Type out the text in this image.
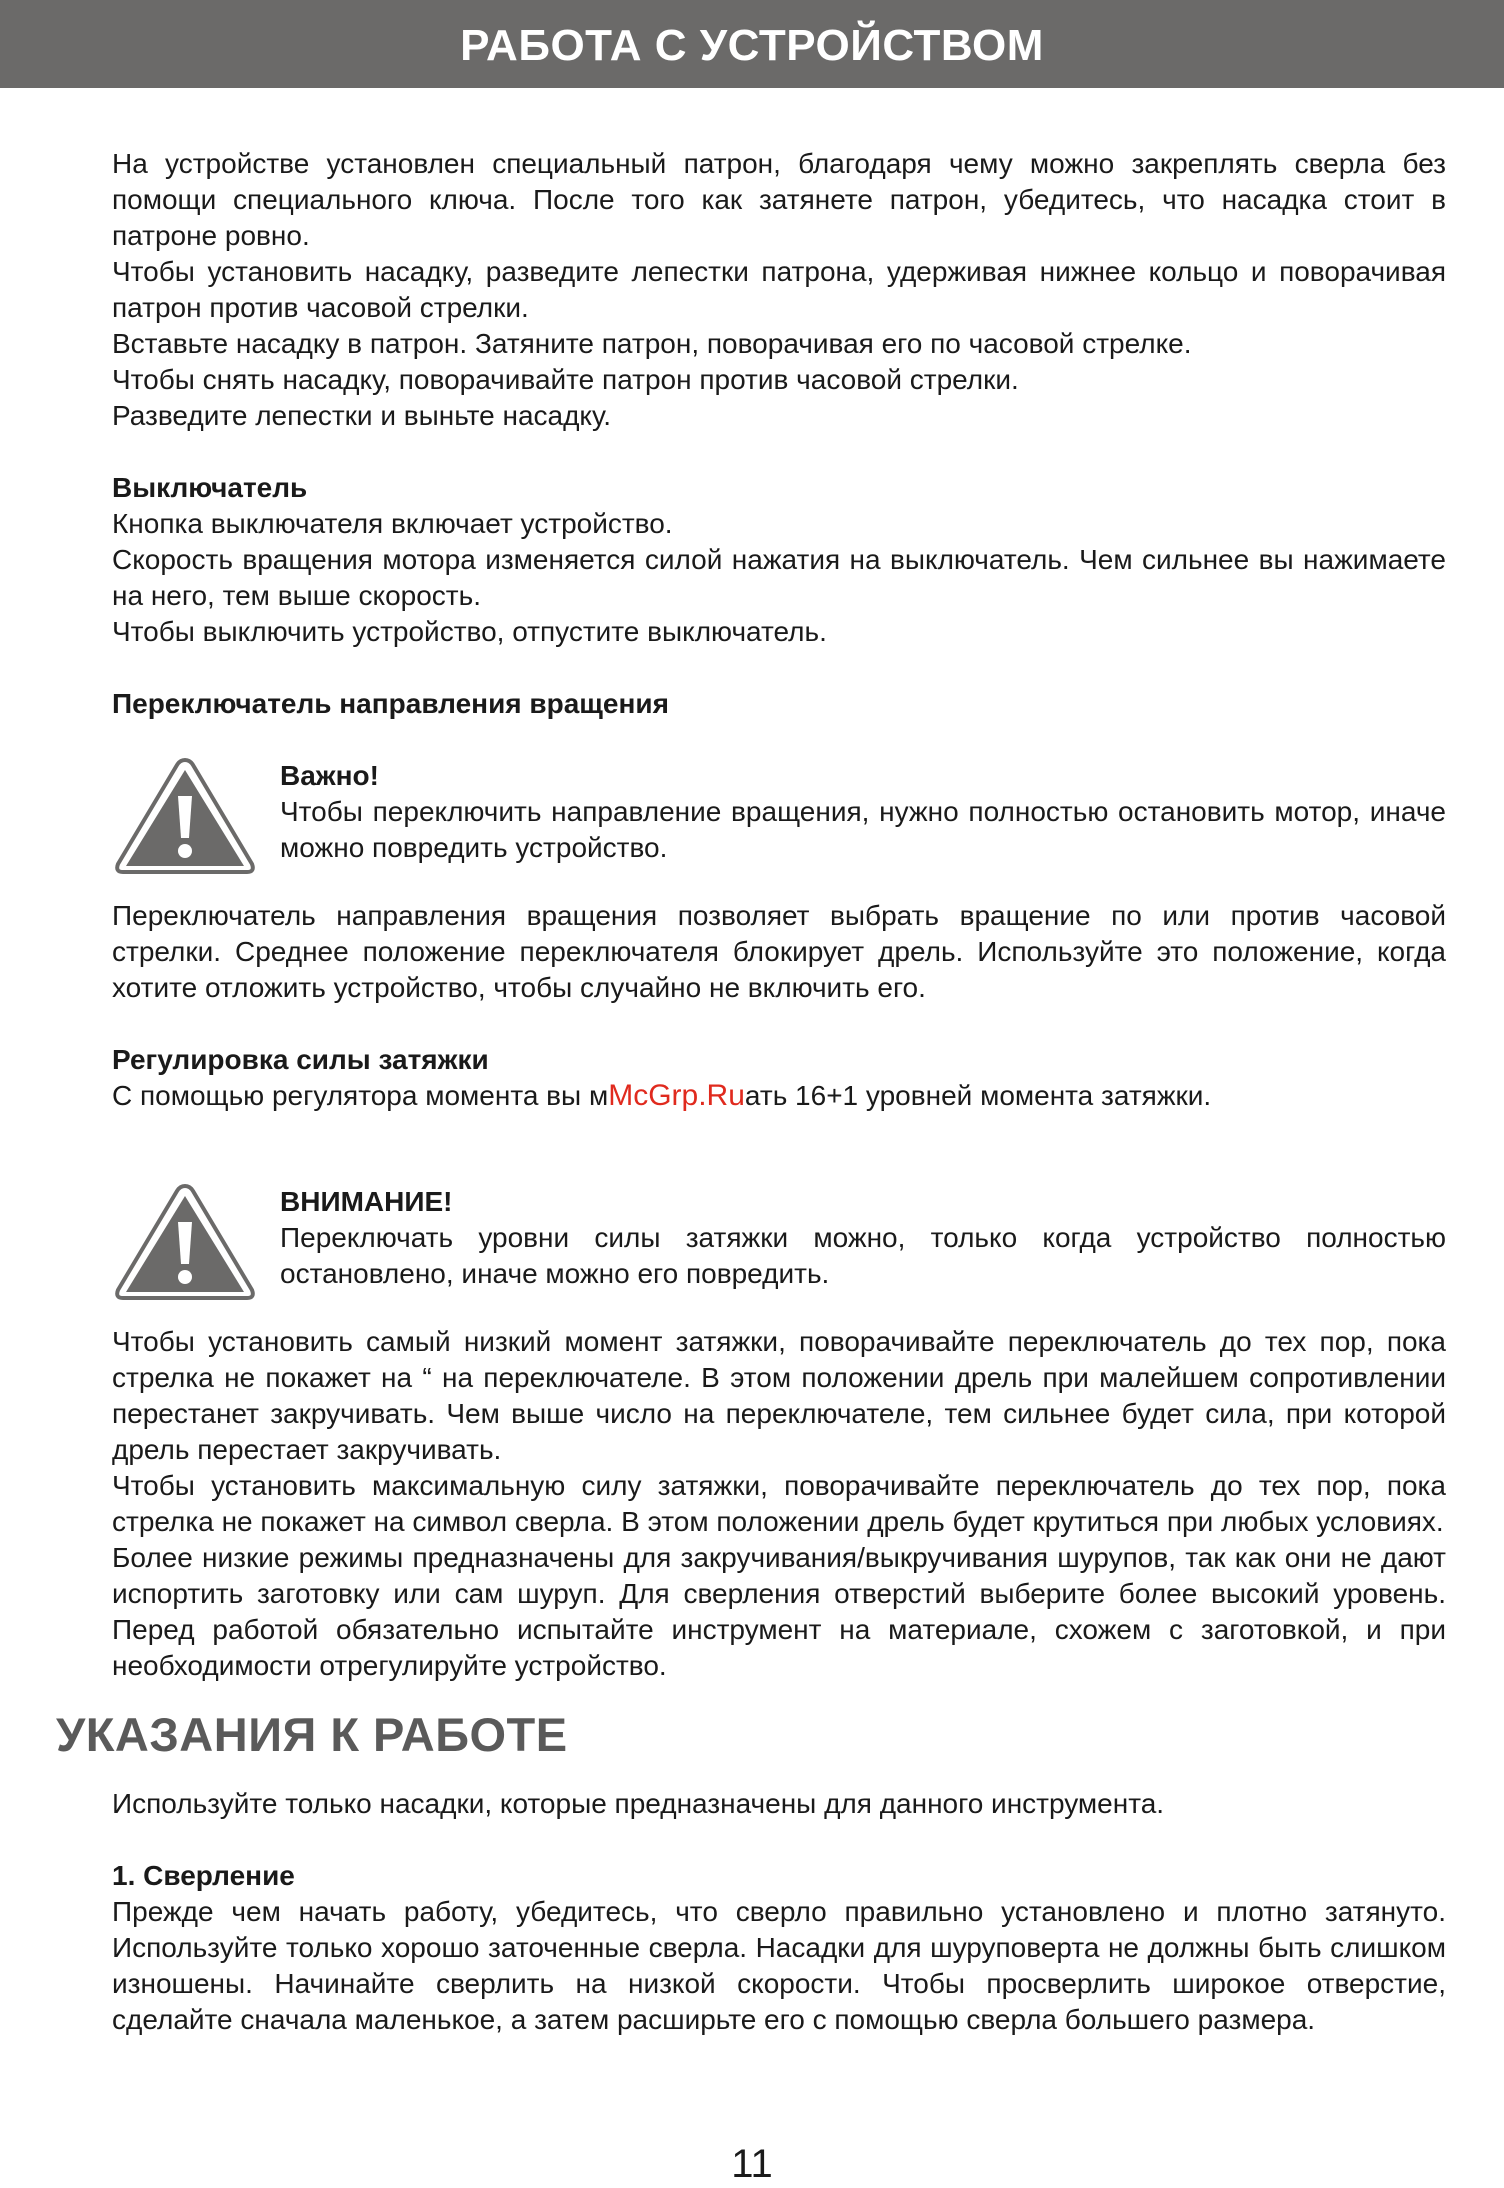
РАБОТА С УСТРОЙСТВОМ

На устройстве установлен специальный патрон, благодаря чему можно закреплять сверла без помощи специального ключа. После того как затянете патрон, убедитесь, что насадка стоит в патроне ровно.

Чтобы установить насадку, разведите лепестки патрона, удерживая нижнее кольцо и поворачивая патрон против часовой стрелки.

Вставьте насадку в патрон. Затяните патрон, поворачивая его по часовой стрелке.

Чтобы снять насадку, поворачивайте патрон против часовой стрелки.

Разведите лепестки и выньте насадку.

Выключатель

Кнопка выключателя включает устройство.

Скорость вращения мотора изменяется силой нажатия на выключатель. Чем сильнее вы нажимаете на него, тем выше скорость.

Чтобы выключить устройство, отпустите выключатель.

Переключатель направления вращения

Важно!

Чтобы переключить направление вращения, нужно полностью остановить мотор, иначе можно повредить устройство.

Переключатель направления вращения позволяет выбрать вращение по или против часовой стрелки. Среднее положение переключателя блокирует дрель. Используйте это положение, когда хотите отложить устройство, чтобы случайно не включить его.

Регулировка силы затяжки

С помощью регулятора момента вы мMcGrp.Ruать 16+1 уровней момента затяжки.

ВНИМАНИЕ!

Переключать уровни силы затяжки можно, только когда устройство полностью остановлено, иначе можно его повредить.

Чтобы установить самый низкий момент затяжки, поворачивайте переключатель до тех пор, пока стрелка не покажет на “ на переключателе. В этом положении дрель при малейшем сопротивлении перестанет закручивать. Чем выше число на переключателе, тем сильнее будет сила, при которой дрель перестает закручивать.

Чтобы установить максимальную силу затяжки, поворачивайте переключатель до тех пор, пока стрелка не покажет на символ сверла. В этом положении дрель будет крутиться при любых условиях.

Более низкие режимы предназначены для закручивания/выкручивания шурупов, так как они не дают испортить заготовку или сам шуруп. Для сверления отверстий выберите более высокий уровень. Перед работой обязательно испытайте инструмент на материале, схожем с заготовкой, и при необходимости отрегулируйте устройство.

УКАЗАНИЯ К РАБОТЕ

Используйте только насадки, которые предназначены для данного инструмента.

1. Сверление

Прежде чем начать работу, убедитесь, что сверло правильно установлено и плотно затянуто. Используйте только хорошо заточенные сверла. Насадки для шуруповерта не должны быть слишком изношены. Начинайте сверлить на низкой скорости. Чтобы просверлить широкое отверстие, сделайте сначала маленькое, а затем расширьте его с помощью сверла большего размера.

11
